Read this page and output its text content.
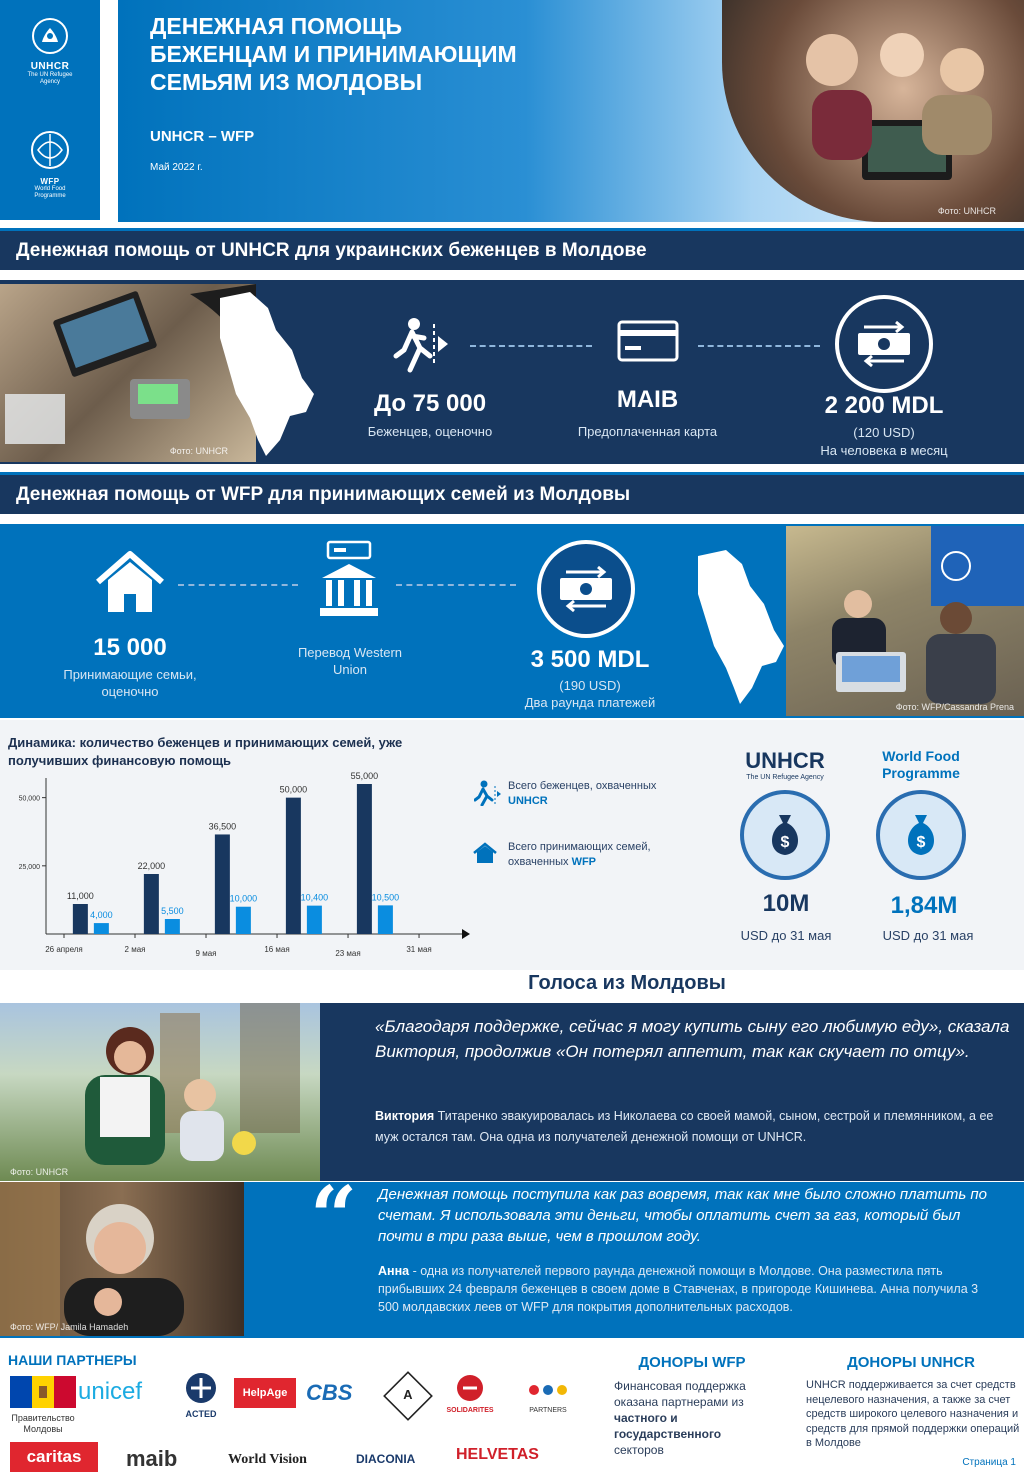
UNHCR
The UN Refugee Agency
WFP
World Food Programme
ДЕНЕЖНАЯ ПОМОЩЬ
БЕЖЕНЦАМ И ПРИНИМАЮЩИМ
СЕМЬЯМ ИЗ МОЛДОВЫ
UNHCR – WFP
Май 2022 г.
Фото: UNHCR
Денежная помощь от UNHCR для украинских беженцев в Молдове
Фото: UNHCR
До 75 000
Беженцев, оценочно
MAIB
Предоплаченная карта
2 200 MDL
(120 USD)
На человека в месяц
Денежная помощь от WFP для принимающих семей из Молдовы
15 000
Принимающие семьи, оценочно
Перевод Western Union	3 500 MDL
(190 USD)
Два раунда платежей	Фото: WFP/Cassandra Prena
Динамика: количество беженцев и принимающих семей, уже получивших финансовую помощь
25,000
50,000
26 апреля	2 мая	9 мая	16 мая	23 мая	31 мая
11,000
4,000
22,000
5,500
36,500
10,000
50,000
10,400
55,000
10,500
Всего беженцев, охваченных UNHCR
Всего принимающих семей, охваченных WFP
UNHCR
The UN Refugee Agency
$
10M
USD до 31 мая
World Food Programme
$
1,84M
USD до 31 мая
Голоса из Молдовы
Фото: UNHCR
«Благодаря поддержке, сейчас я могу купить сыну его любимую еду», сказала Виктория, продолжив «Он потерял аппетит, так как скучает по отцу».
Виктория Титаренко эвакуировалась из Николаева со своей мамой, сыном, сестрой и племянником, а ее муж остался там. Она одна из получателей денежной помощи от UNHCR.
Фото: WFP/ Jamila Hamadeh
“ Денежная помощь поступила как раз вовремя, так как мне было сложно платить по счетам. Я использовала эти деньги, чтобы оплатить счет за газ, который был почти в три раза выше, чем в прошлом году.
Анна - одна из получателей первого раунда денежной помощи в Молдове. Она разместила пять прибывших 24 февраля беженцев в своем доме в Ставченах, в пригороде Кишинева. Анна получила 3 500 молдавских леев от WFP для покрытия дополнительных расходов.
НАШИ ПАРТНЕРЫ
Правительство Молдовы
unicef
ACTED
HelpAge CBS	A
SOLIDARITES	PARTNERS
caritas	maib	World Vision	DIACONIA	HELVETAS
ДОНОРЫ WFP
Финансовая поддержка оказана партнерами из частного и государственного секторов
ДОНОРЫ UNHCR
UNHCR поддерживается за счет средств нецелевого назначения, а также за счет средств широкого целевого назначения и средств для прямой поддержки операций в Молдове
Страница 1
